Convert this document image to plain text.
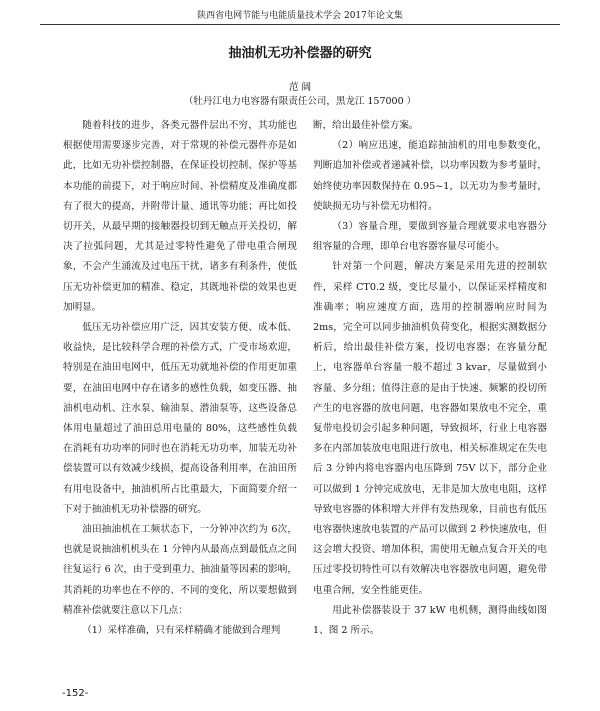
陕西省电网节能与电能质量技术学会 2017年论文集
抽油机无功补偿器的研究
范 阔
（牡丹江电力电容器有限责任公司，黑龙江 157000 ）

随着科技的进步，各类元器件层出不穷，其功能也根据使用需要逐步完善，对于常规的补偿元器件亦是如此，比如无功补偿控制器，在保证投切控制、保护等基本功能的前提下，对于响应时间、补偿精度及准确度都有了很大的提高，并附带计量、通讯等功能；再比如投切开关，从最早期的接触器投切到无触点开关投切，解决了拉弧问题，尤其是过零特性避免了带电重合闸现象，不会产生涌流及过电压干扰，诸多有利条件，使低压无功补偿更加的精准、稳定，其既地补偿的效果也更加明显。

低压无功补偿应用广泛，因其安装方便、成本低、收益快，是比较科学合理的补偿方式，广受市场欢迎，特别是在油田电网中，低压无功就地补偿的作用更加重要，在油田电网中存在诸多的感性负载，如变压器、抽油机电动机、注水泵、输油泵、潜油泵等，这些设备总体用电量超过了油田总用电量的 80%，这些感性负载在消耗有功功率的同时也在消耗无功功率，加装无功补偿装置可以有效减少线损，提高设备利用率，在油田所有用电设备中，抽油机所占比重最大，下面简要介绍一下对于抽油机无功补偿器的研究。

油田抽油机在工频状态下，一分钟冲次约为 6次，也就是说抽油机机头在 1 分钟内从最高点到最低点之间往复运行 6 次，由于受到重力、抽油量等因素的影响，其消耗的功率也在不停的、不同的变化，所以要想做到精准补偿就要注意以下几点：

（1）采样准确，只有采样精确才能做到合理判

断，给出最佳补偿方案。

（2）响应迅速，能追踪抽油机的用电参数变化，判断追加补偿或者递减补偿，以功率因数为参考量时，始终使功率因数保持在 0.95~1，以无功为参考量时，使缺损无功与补偿无功相符。

（3）容量合理，要做到容量合理就要求电容器分组容量的合理，即单台电容器容量尽可能小。

针对第一个问题，解决方案是采用先进的控制软件，采样 CT0.2 级，变比尽量小，以保证采样精度和准确率；响应速度方面，选用的控制器响应时间为 2ms，完全可以同步抽油机负荷变化，根据实测数据分析后，给出最佳补偿方案，投切电容器；在容量分配上，电容器单台容量一般不超过 3 kvar，尽量做到小容量、多分组；值得注意的是由于快速、频繁的投切所产生的电容器的放电问题，电容器如果放电不完全，重复带电投切会引起多种问题，导致损坏，行业上电容器多在内部加装放电电阻进行放电，相关标准规定在失电后 3 分钟内将电容器内电压降到 75V 以下，部分企业可以做到 1 分钟完成放电，无非是加大放电电阻，这样导致电容器的体积增大并伴有发热现象，目前也有低压电容器快速放电装置的产品可以做到 2 秒快速放电，但这会增大投资、增加体积，需使用无触点复合开关的电压过零投切特性可以有效解决电容器放电问题，避免带电重合闸，安全性能更佳。

用此补偿器装设于 37 kW 电机侧，测得曲线如图 1、图 2 所示。

-152-
